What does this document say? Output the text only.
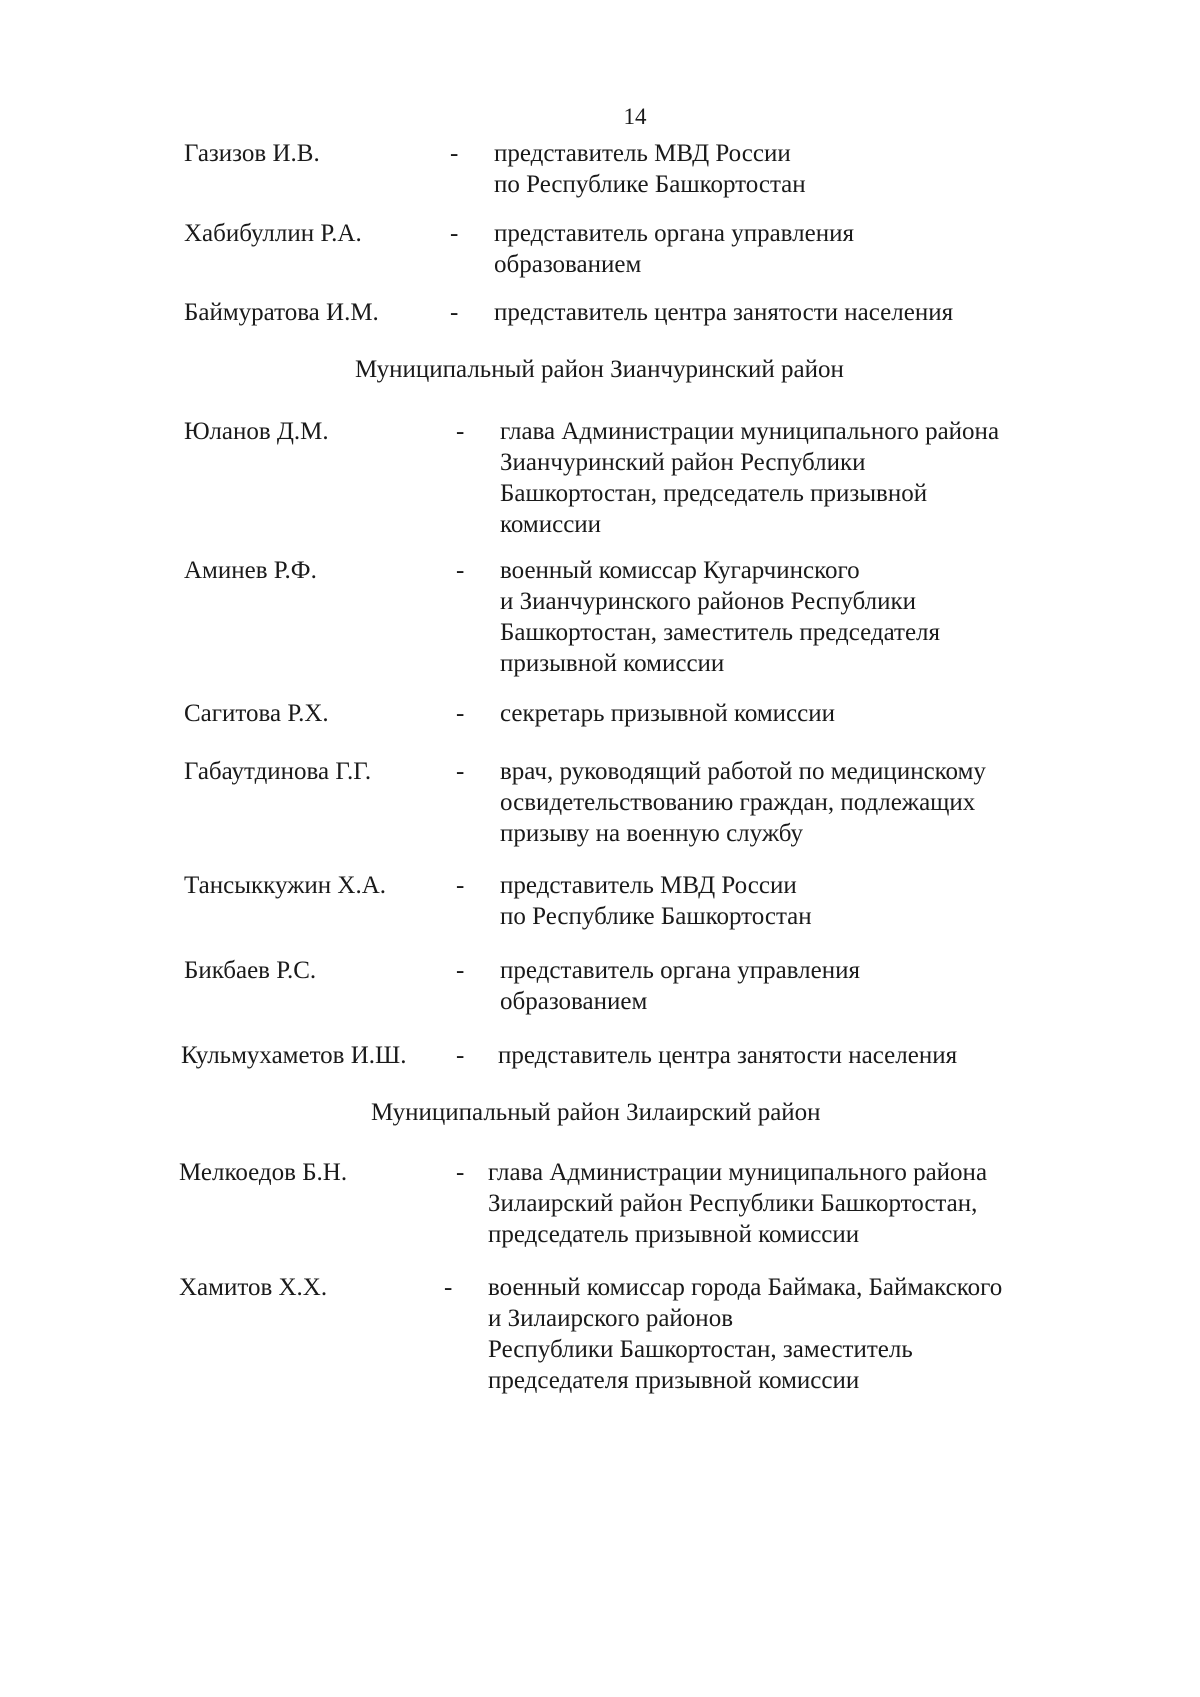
14
Газизов И.В.	- представитель МВД России
по Республике Башкортостан
Хабибуллин Р.А.	- представитель органа управления
образованием
Баймуратова И.М.	- представитель центра занятости населения

Муниципальный район Зианчуринский район

Юланов Д.М.	- глава Администрации муниципального района
Зианчуринский район Республики
Башкортостан, председатель призывной
комиссии
Аминев Р.Ф.	- военный комиссар Кугарчинского
и Зианчуринского районов Республики
Башкортостан, заместитель председателя
призывной комиссии
Сагитова Р.Х.	- секретарь призывной комиссии
Габаутдинова Г.Г.	- врач, руководящий работой по медицинскому
освидетельствованию граждан, подлежащих
призыву на военную службу
Тансыккужин Х.А.	- представитель МВД России
по Республике Башкортостан
Бикбаев Р.С.	- представитель органа управления
образованием
Кульмухаметов И.Ш. - представитель центра занятости населения

Муниципальный район Зилаирский район

Мелкоедов Б.Н.	- глава Администрации муниципального района
Зилаирский район Республики Башкортостан,
председатель призывной комиссии
Хамитов Х.Х.	- военный комиссар города Баймака, Баймакского
и Зилаирского районов
Республики Башкортостан, заместитель
председателя призывной комиссии
